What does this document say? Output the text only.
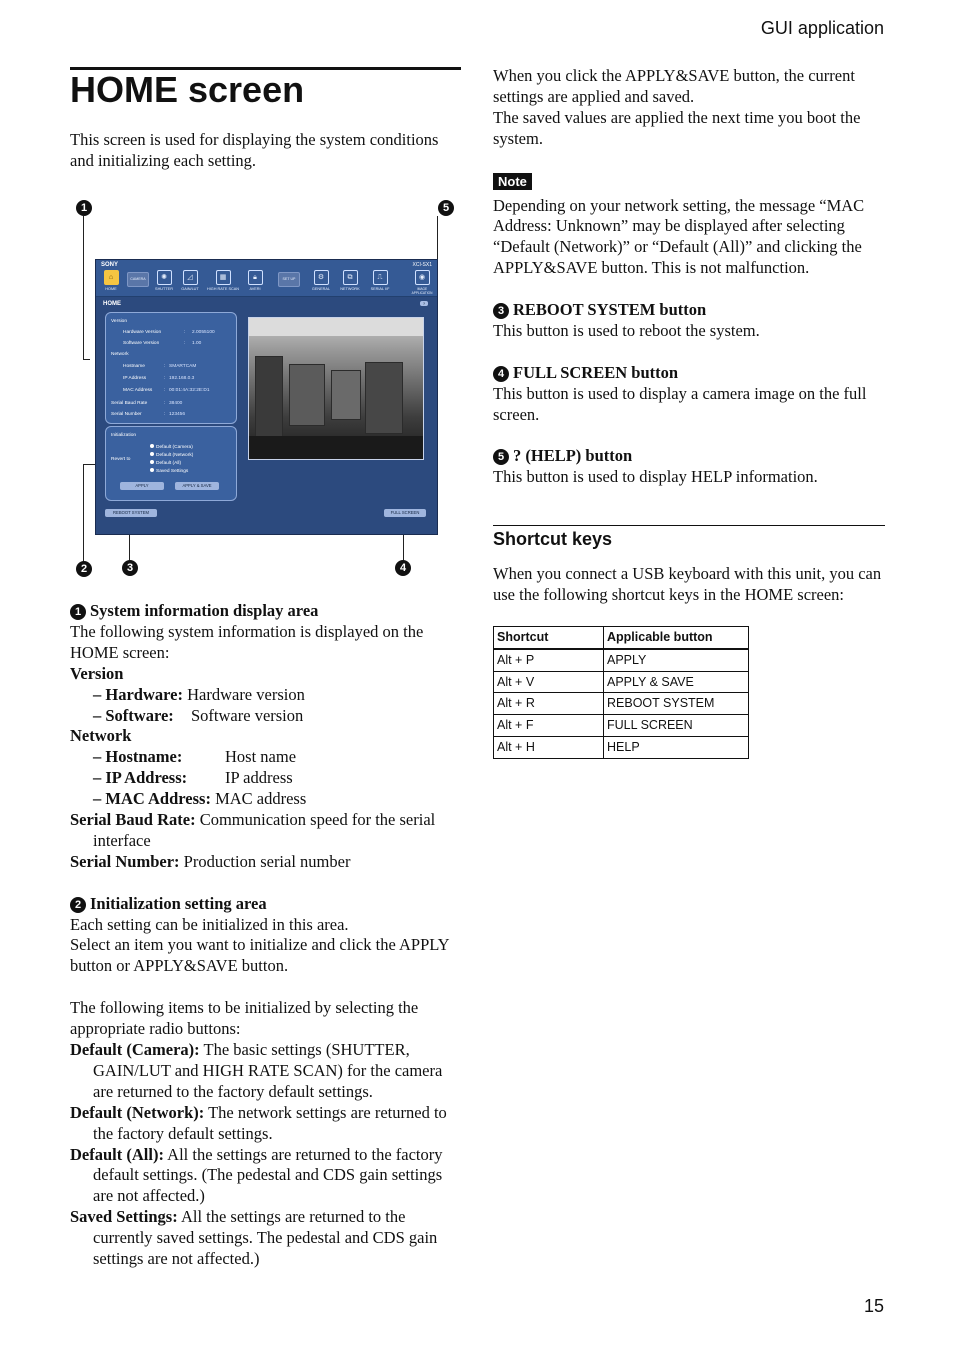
GUI application
HOME screen

This screen is used for displaying the system conditions and initializing each setting.

1	5
2	3	4
SONY	XCI-SX1
⌂
HOME
CAMERA	✺
SHUTTER
◿
GAIN/LUT
▦
HIGH RATE SCAN
🔒︎
AVERI
SET UP	⚙
GENERAL
⧉
NETWORK
⎍
SERIAL I/F
◉
IMAGE APPLICATION
HOME	?
Version
Hardware Version	: 2.0055100
Software Version	: 1.00
Network
Hostname	: SMARTCAM
IP Address	: 192.168.0.3
MAC Address : 00:01:4A:32:2E:D1
Serial Baud Rate	: 38400
Serial Number	: 123456
Initialization
Revert to
Default (Camera)
Default (Network)
Default (All)
Saved Settings
APPLY	APPLY & SAVE
REBOOT SYSTEM	FULL SCREEN

1 System information display area

The following system information is displayed on the HOME screen:

Version

– Hardware: Hardware version

– Software: Software version

Network

– Hostname:	Host name

– IP Address: IP address

– MAC Address: MAC address

Serial Baud Rate: Communication speed for the serial interface

Serial Number: Production serial number

2 Initialization setting area

Each setting can be initialized in this area.

Select an item you want to initialize and click the APPLY button or APPLY&SAVE button.

The following items to be initialized by selecting the appropriate radio buttons:

Default (Camera): The basic settings (SHUTTER, GAIN/LUT and HIGH RATE SCAN) for the camera are returned to the factory default settings.

Default (Network): The network settings are returned to the factory default settings.

Default (All): All the settings are returned to the factory default settings. (The pedestal and CDS gain settings are not affected.)

Saved Settings: All the settings are returned to the currently saved settings. The pedestal and CDS gain settings are not affected.)

When you click the APPLY&SAVE button, the current settings are applied and saved.

The saved values are applied the next time you boot the system.

Note

Depending on your network setting, the message “MAC Address: Unknown” may be displayed after selecting “Default (Network)” or “Default (All)” and clicking the APPLY&SAVE button. This is not malfunction.

3 REBOOT SYSTEM button

This button is used to reboot the system.

4 FULL SCREEN button

This button is used to display a camera image on the full screen.

5 ? (HELP) button

This button is used to display HELP information.

Shortcut keys

When you connect a USB keyboard with this unit, you can use the following shortcut keys in the HOME screen:

Shortcut	Applicable button
Alt + P	APPLY
Alt + V	APPLY & SAVE
Alt + R	REBOOT SYSTEM
Alt + F	FULL SCREEN
Alt + H	HELP
15
